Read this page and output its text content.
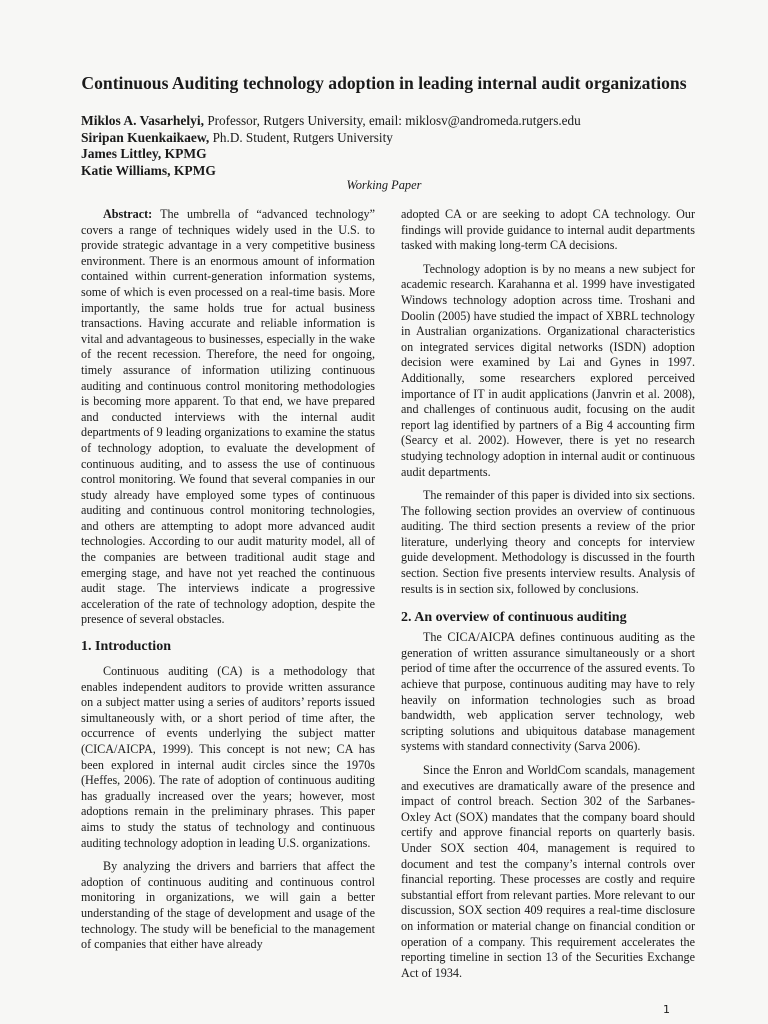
Continuous Auditing technology adoption in leading internal audit organizations
Miklos A. Vasarhelyi, Professor, Rutgers University, email: miklosv@andromeda.rutgers.edu
Siripan Kuenkaikaew, Ph.D. Student, Rutgers University
James Littley, KPMG
Katie Williams, KPMG
Working Paper

Abstract: The umbrella of “advanced technology” covers a range of techniques widely used in the U.S. to provide strategic advantage in a very competitive business environment. There is an enormous amount of information contained within current-generation information systems, some of which is even processed on a real-time basis. More importantly, the same holds true for actual business transactions. Having accurate and reliable information is vital and advantageous to businesses, especially in the wake of the recent recession. Therefore, the need for ongoing, timely assurance of information utilizing continuous auditing and continuous control monitoring methodologies is becoming more apparent. To that end, we have prepared and conducted interviews with the internal audit departments of 9 leading organizations to examine the status of technology adoption, to evaluate the development of continuous auditing, and to assess the use of continuous control monitoring. We found that several companies in our study already have employed some types of continuous auditing and continuous control monitoring technologies, and others are attempting to adopt more advanced audit technologies. According to our audit maturity model, all of the companies are between traditional audit stage and emerging stage, and have not yet reached the continuous audit stage. The interviews indicate a progressive acceleration of the rate of technology adoption, despite the presence of several obstacles.

1. Introduction

Continuous auditing (CA) is a methodology that enables independent auditors to provide written assurance on a subject matter using a series of auditors’ reports issued simultaneously with, or a short period of time after, the occurrence of events underlying the subject matter (CICA/AICPA, 1999). This concept is not new; CA has been explored in internal audit circles since the 1970s (Heffes, 2006). The rate of adoption of continuous auditing has gradually increased over the years; however, most adoptions remain in the preliminary phrases. This paper aims to study the status of technology and continuous auditing technology adoption in leading U.S. organizations.

By analyzing the drivers and barriers that affect the adoption of continuous auditing and continuous control monitoring in organizations, we will gain a better understanding of the stage of development and usage of the technology. The study will be beneficial to the management of companies that either have already

adopted CA or are seeking to adopt CA technology. Our findings will provide guidance to internal audit departments tasked with making long-term CA decisions.

Technology adoption is by no means a new subject for academic research. Karahanna et al. 1999 have investigated Windows technology adoption across time. Troshani and Doolin (2005) have studied the impact of XBRL technology in Australian organizations. Organizational characteristics on integrated services digital networks (ISDN) adoption decision were examined by Lai and Gynes in 1997. Additionally, some researchers explored perceived importance of IT in audit applications (Janvrin et al. 2008), and challenges of continuous audit, focusing on the audit report lag identified by partners of a Big 4 accounting firm (Searcy et al. 2002). However, there is yet no research studying technology adoption in internal audit or continuous audit departments.

The remainder of this paper is divided into six sections. The following section provides an overview of continuous auditing. The third section presents a review of the prior literature, underlying theory and concepts for interview guide development. Methodology is discussed in the fourth section. Section five presents interview results. Analysis of results is in section six, followed by conclusions.

2. An overview of continuous auditing

The CICA/AICPA defines continuous auditing as the generation of written assurance simultaneously or a short period of time after the occurrence of the assured events. To achieve that purpose, continuous auditing may have to rely heavily on information technologies such as broad bandwidth, web application server technology, web scripting solutions and ubiquitous database management systems with standard connectivity (Sarva 2006).

Since the Enron and WorldCom scandals, management and executives are dramatically aware of the presence and impact of control breach. Section 302 of the Sarbanes-Oxley Act (SOX) mandates that the company board should certify and approve financial reports on quarterly basis. Under SOX section 404, management is required to document and test the company’s internal controls over financial reporting. These processes are costly and require substantial effort from relevant parties. More relevant to our discussion, SOX section 409 requires a real-time disclosure on information or material change on financial condition or operation of a company. This requirement accelerates the reporting timeline in section 13 of the Securities Exchange Act of 1934.

1
